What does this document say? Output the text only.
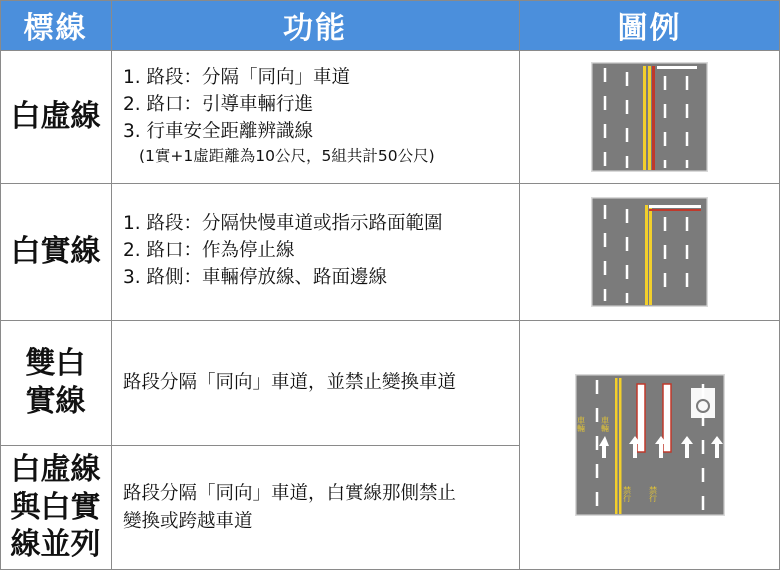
標線	功能	圖例
白虛線
1. 路段：分隔「同向」車道
2. 路口：引導車輛行進
3. 行車安全距離辨識線
(1實+1虛距離為10公尺，5組共計50公尺)
白實線
1. 路段：分隔快慢車道或指示路面範圍
2. 路口：作為停止線
3. 路側：車輛停放線、路面邊線
雙白
實線
路段分隔「同向」車道，並禁止變換車道
白虛線
與白實
線並列
路段分隔「同向」車道，白實線那側禁止
變換或跨越車道
車輛 車輛
禁行 禁行
